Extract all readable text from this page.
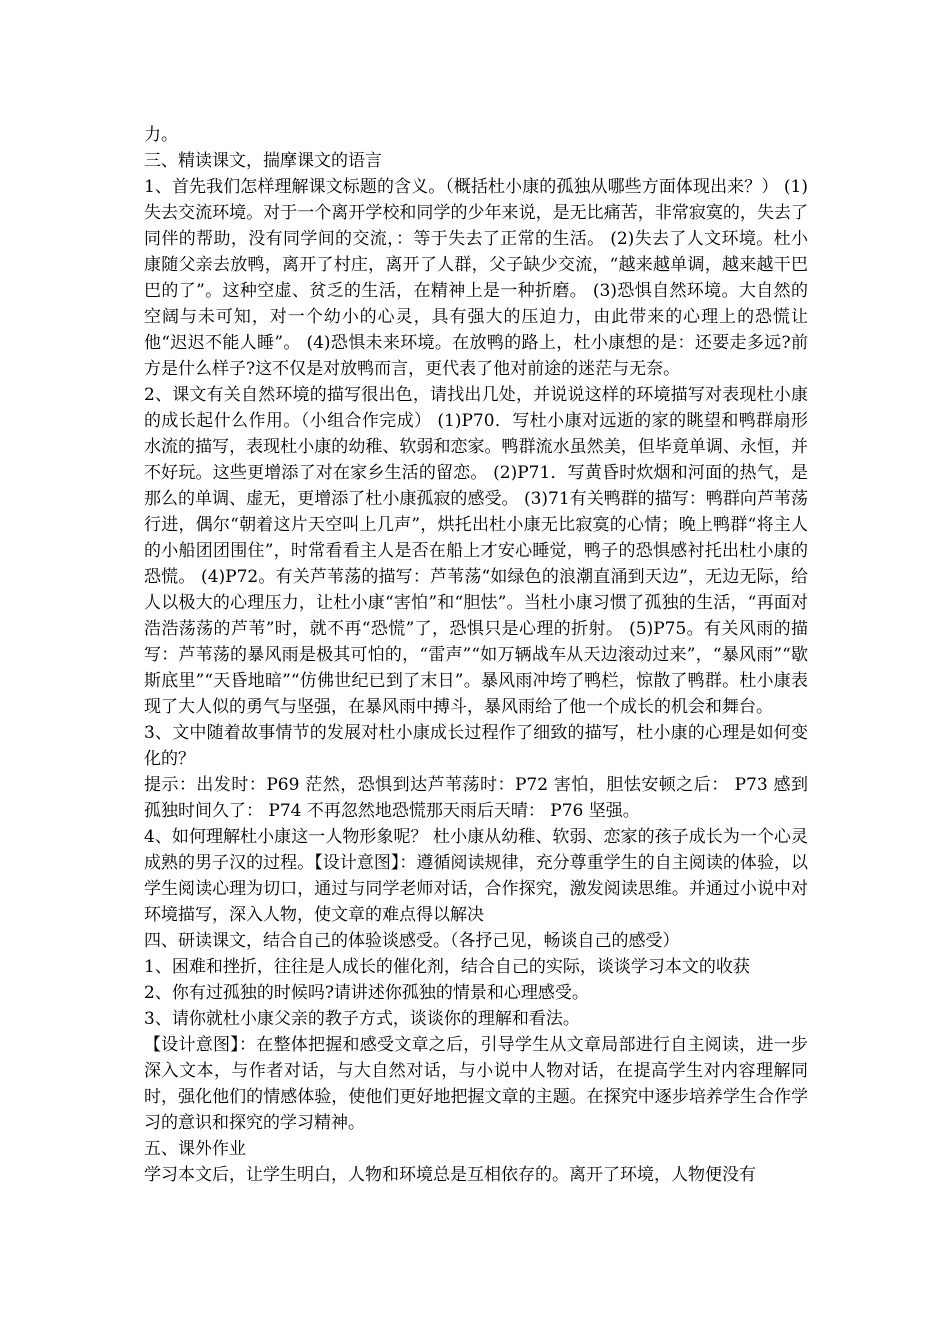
力。

三、精读课文，揣摩课文的语言

1、首先我们怎样理解课文标题的含义。（概括杜小康的孤独从哪些方面体现出来？） (1)失去交流环境。对于一个离开学校和同学的少年来说，是无比痛苦，非常寂寞的，失去了同伴的帮助，没有同学间的交流，：等于失去了正常的生活。 (2)失去了人文环境。杜小康随父亲去放鸭，离开了村庄，离开了人群，父子缺少交流，“越来越单调，越来越干巴巴的了”。这种空虚、贫乏的生活，在精神上是一种折磨。 (3)恐惧自然环境。大自然的空阔与未可知，对一个幼小的心灵，具有强大的压迫力，由此带来的心理上的恐慌让他“迟迟不能人睡”。 (4)恐惧未来环境。在放鸭的路上，杜小康想的是：还要走多远?前方是什么样子?这不仅是对放鸭而言，更代表了他对前途的迷茫与无奈。

2、课文有关自然环境的描写很出色，请找出几处，并说说这样的环境描写对表现杜小康的成长起什么作用。（小组合作完成） (1)P70．写杜小康对远逝的家的眺望和鸭群扇形水流的描写，表现杜小康的幼稚、软弱和恋家。鸭群流水虽然美，但毕竟单调、永恒，并不好玩。这些更增添了对在家乡生活的留恋。 (2)P71．写黄昏时炊烟和河面的热气，是那么的单调、虚无，更增添了杜小康孤寂的感受。 (3)71有关鸭群的描写：鸭群向芦苇荡行进，偶尔“朝着这片天空叫上几声”，烘托出杜小康无比寂寞的心情；晚上鸭群“将主人的小船团团围住”，时常看看主人是否在船上才安心睡觉，鸭子的恐惧感衬托出杜小康的恐慌。 (4)P72。有关芦苇荡的描写：芦苇荡“如绿色的浪潮直涌到天边”，无边无际，给人以极大的心理压力，让杜小康“害怕”和“胆怯”。当杜小康习惯了孤独的生活，“再面对浩浩荡荡的芦苇”时，就不再“恐慌”了，恐惧只是心理的折射。 (5)P75。有关风雨的描写：芦苇荡的暴风雨是极其可怕的，“雷声”“如万辆战车从天边滚动过来”，“暴风雨”“歇斯底里”“天昏地暗”“仿佛世纪已到了末日”。暴风雨冲垮了鸭栏，惊散了鸭群。杜小康表现了大人似的勇气与坚强，在暴风雨中搏斗，暴风雨给了他一个成长的机会和舞台。

3、文中随着故事情节的发展对杜小康成长过程作了细致的描写，杜小康的心理是如何变化的？

提示：出发时：P69 茫然，恐惧到达芦苇荡时：P72 害怕，胆怯安顿之后： P73 感到孤独时间久了： P74 不再忽然地恐慌那天雨后天晴： P76 坚强。

4、如何理解杜小康这一人物形象呢？ 杜小康从幼稚、软弱、恋家的孩子成长为一个心灵成熟的男子汉的过程。【设计意图】：遵循阅读规律，充分尊重学生的自主阅读的体验，以学生阅读心理为切口，通过与同学老师对话，合作探究，激发阅读思维。并通过小说中对环境描写，深入人物，使文章的难点得以解决

四、研读课文，结合自己的体验谈感受。（各抒己见，畅谈自己的感受）

1、困难和挫折，往往是人成长的催化剂，结合自己的实际，谈谈学习本文的收获

2、你有过孤独的时候吗?请讲述你孤独的情景和心理感受。

3、请你就杜小康父亲的教子方式，谈谈你的理解和看法。

【设计意图】：在整体把握和感受文章之后，引导学生从文章局部进行自主阅读，进一步深入文本，与作者对话，与大自然对话，与小说中人物对话，在提高学生对内容理解同时，强化他们的情感体验，使他们更好地把握文章的主题。在探究中逐步培养学生合作学习的意识和探究的学习精神。

五、课外作业

学习本文后，让学生明白，人物和环境总是互相依存的。离开了环境，人物便没有
